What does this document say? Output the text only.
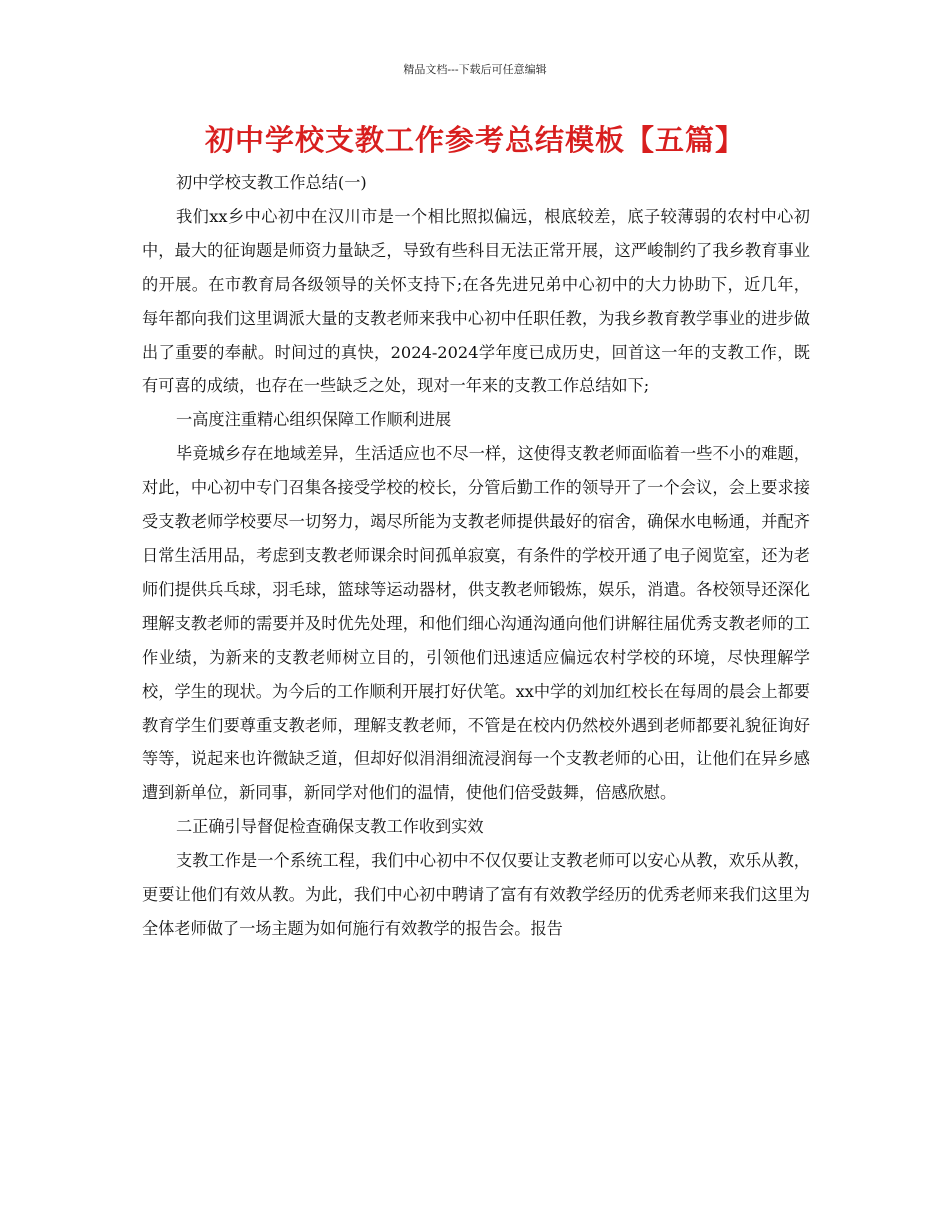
精品文档---下载后可任意编辑
初中学校支教工作参考总结模板【五篇】

初中学校支教工作总结(一)

我们xx乡中心初中在汉川市是一个相比照拟偏远，根底较差，底子较薄弱的农村中心初中，最大的征询题是师资力量缺乏，导致有些科目无法正常开展，这严峻制约了我乡教育事业的开展。在市教育局各级领导的关怀支持下;在各先进兄弟中心初中的大力协助下，近几年，每年都向我们这里调派大量的支教老师来我中心初中任职任教，为我乡教育教学事业的进步做出了重要的奉献。时间过的真快，2024-2024学年度已成历史，回首这一年的支教工作，既有可喜的成绩，也存在一些缺乏之处，现对一年来的支教工作总结如下;

一高度注重精心组织保障工作顺利进展

毕竟城乡存在地域差异，生活适应也不尽一样，这使得支教老师面临着一些不小的难题，对此，中心初中专门召集各接受学校的校长，分管后勤工作的领导开了一个会议，会上要求接受支教老师学校要尽一切努力，竭尽所能为支教老师提供最好的宿舍，确保水电畅通，并配齐日常生活用品，考虑到支教老师课余时间孤单寂寞，有条件的学校开通了电子阅览室，还为老师们提供兵乓球，羽毛球，篮球等运动器材，供支教老师锻炼，娱乐，消遣。各校领导还深化理解支教老师的需要并及时优先处理，和他们细心沟通沟通向他们讲解往届优秀支教老师的工作业绩，为新来的支教老师树立目的，引领他们迅速适应偏远农村学校的环境，尽快理解学校，学生的现状。为今后的工作顺利开展打好伏笔。xx中学的刘加红校长在每周的晨会上都要教育学生们要尊重支教老师，理解支教老师，不管是在校内仍然校外遇到老师都要礼貌征询好等等，说起来也许微缺乏道，但却好似涓涓细流浸润每一个支教老师的心田，让他们在异乡感遭到新单位，新同事，新同学对他们的温情，使他们倍受鼓舞，倍感欣慰。

二正确引导督促检查确保支教工作收到实效

支教工作是一个系统工程，我们中心初中不仅仅要让支教老师可以安心从教，欢乐从教，更要让他们有效从教。为此，我们中心初中聘请了富有有效教学经历的优秀老师来我们这里为全体老师做了一场主题为如何施行有效教学的报告会。报告
